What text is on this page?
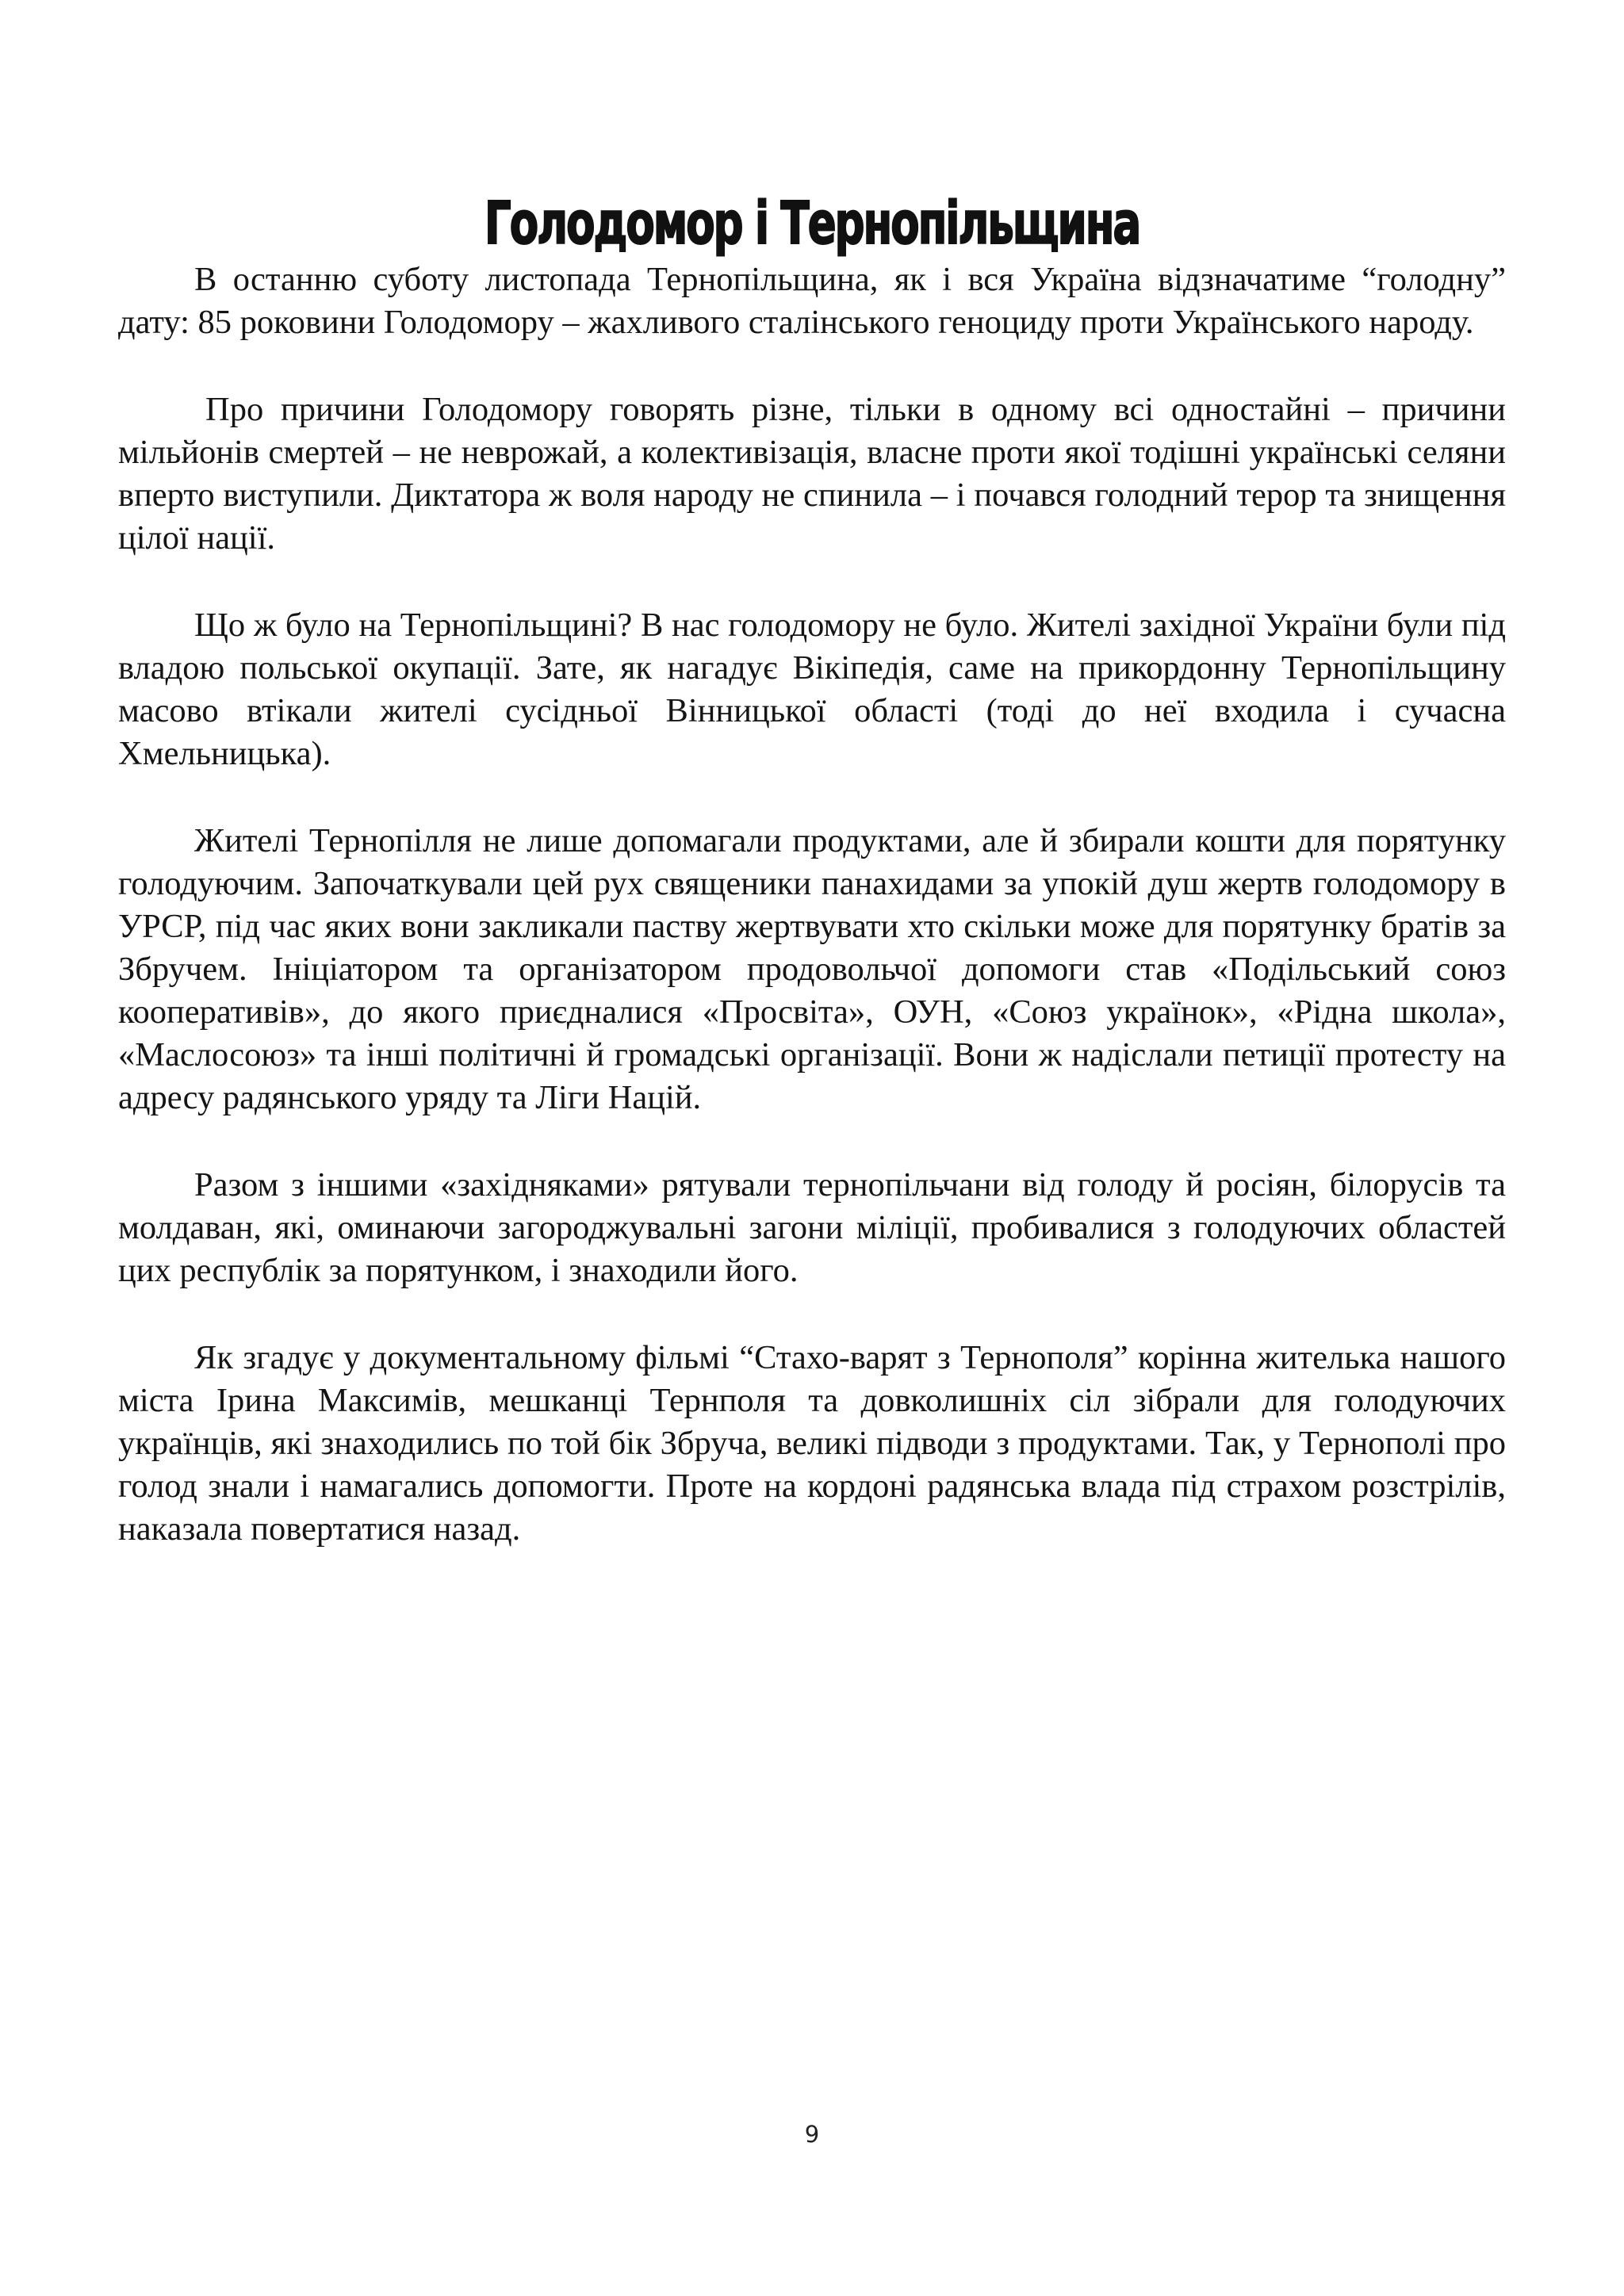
Голодомор і Тернопільщина

В останню суботу листопада Тернопільщина, як і вся Україна відзначатиме “голодну” дату: 85 роковини Голодомору – жахливого сталінського геноциду проти Українського народу.

Про причини Голодомору говорять різне, тільки в одному всі одностайні – причини мільйонів смертей – не неврожай, а колективізація, власне проти якої тодішні українські селяни вперто виступили. Диктатора ж воля народу не спинила – і почався голодний терор та знищення цілої нації.

Що ж було на Тернопільщині? В нас голодомору не було. Жителі західної України були під владою польської окупації. Зате, як нагадує Вікіпедія, саме на прикордонну Тернопільщину масово втікали жителі сусідньої Вінницької області (тоді до неї входила і сучасна Хмельницька).

Жителі Тернопілля не лише допомагали продуктами, але й збирали кошти для порятунку голодуючим. Започаткували цей рух священики панахидами за упокій душ жертв голодомору в УРСР, під час яких вони закликали паству жертвувати хто скільки може для порятунку братів за Збручем. Ініціатором та організатором продовольчої допомоги став «Подільський союз кооперативів», до якого приєдналися «Просвіта», ОУН, «Союз українок», «Рідна школа», «Маслосоюз» та інші політичні й громадські організації. Вони ж надіслали петиції протесту на адресу радянського уряду та Ліги Націй.

Разом з іншими «західняками» рятували тернопільчани від голоду й росіян, білорусів та молдаван, які, оминаючи загороджувальні загони міліції, пробивалися з голодуючих областей цих республік за порятунком, і знаходили його.

Як згадує у документальному фільмі “Стахо-варят з Тернополя” корінна жителька нашого міста Ірина Максимів, мешканці Тернполя та довколишніх сіл зібрали для голодуючих українців, які знаходились по той бік Збруча, великі підводи з продуктами. Так, у Тернополі про голод знали і намагались допомогти. Проте на кордоні радянська влада під страхом розстрілів, наказала повертатися назад.

9
